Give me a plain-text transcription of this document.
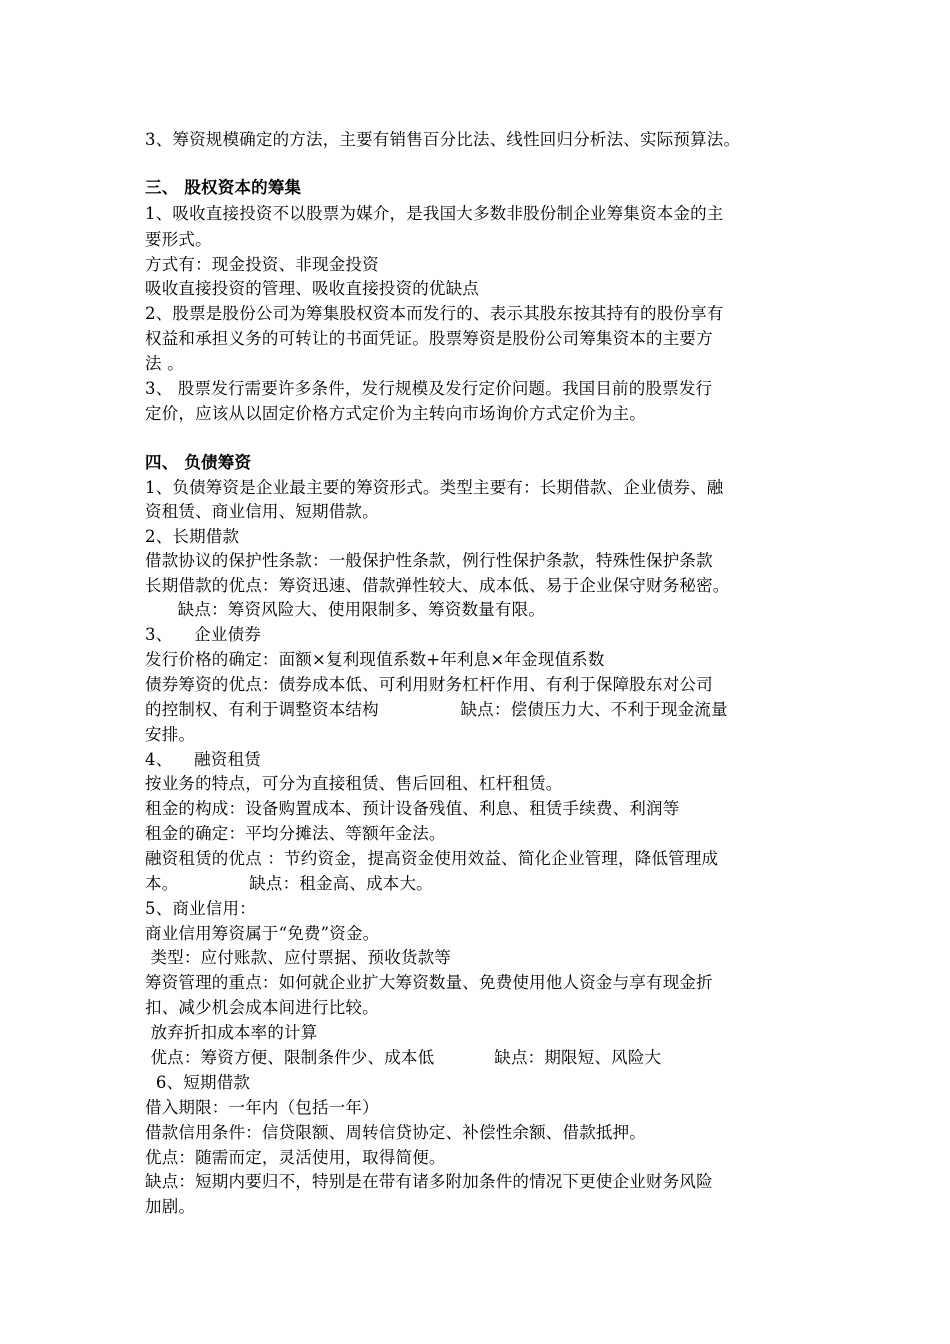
3、筹资规模确定的方法，主要有销售百分比法、线性回归分析法、实际预算法。
三、 股权资本的筹集
1、吸收直接投资不以股票为媒介，是我国大多数非股份制企业筹集资本金的主
要形式。
方式有：现金投资、非现金投资
吸收直接投资的管理、吸收直接投资的优缺点
2、股票是股份公司为筹集股权资本而发行的、表示其股东按其持有的股份享有
权益和承担义务的可转让的书面凭证。股票筹资是股份公司筹集资本的主要方
法 。
3、 股票发行需要许多条件，发行规模及发行定价问题。我国目前的股票发行
定价，应该从以固定价格方式定价为主转向市场询价方式定价为主。
四、 负债筹资
1、负债筹资是企业最主要的筹资形式。类型主要有：长期借款、企业债券、融
资租赁、商业信用、短期借款。
2、长期借款
借款协议的保护性条款：一般保护性条款，例行性保护条款，特殊性保护条款
长期借款的优点：筹资迅速、借款弹性较大、成本低、易于企业保守财务秘密。
缺点：筹资风险大、使用限制多、筹资数量有限。
3、    企业债券
发行价格的确定：面额×复利现值系数+年利息×年金现值系数
债券筹资的优点：债券成本低、可利用财务杠杆作用、有利于保障股东对公司
的控制权、有利于调整资本结构               缺点：偿债压力大、不利于现金流量
安排。
4、    融资租赁
按业务的特点，可分为直接租赁、售后回租、杠杆租赁。
租金的构成：设备购置成本、预计设备残值、利息、租赁手续费、利润等
租金的确定：平均分摊法、等额年金法。
融资租赁的优点 ：节约资金，提高资金使用效益、简化企业管理，降低管理成
本。             缺点：租金高、成本大。
5、商业信用：
商业信用筹资属于“免费”资金。
类型：应付账款、应付票据、预收货款等
筹资管理的重点：如何就企业扩大筹资数量、免费使用他人资金与享有现金折
扣、减少机会成本间进行比较。
放弃折扣成本率的计算
优点：筹资方便、限制条件少、成本低           缺点：期限短、风险大
6、短期借款
借入期限：一年内（包括一年）
借款信用条件：信贷限额、周转信贷协定、补偿性余额、借款抵押。
优点：随需而定，灵活使用，取得简便。
缺点：短期内要归不，特别是在带有诸多附加条件的情况下更使企业财务风险
加剧。
